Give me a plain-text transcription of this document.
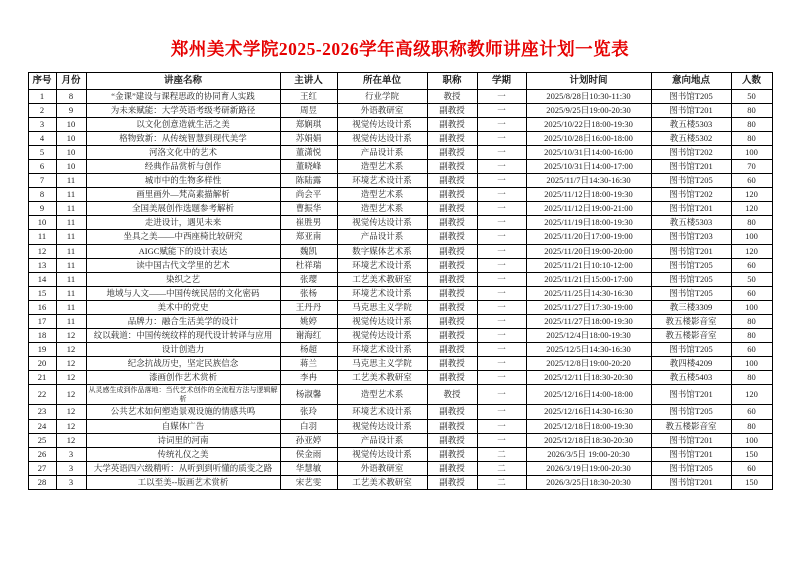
郑州美术学院2025-2026学年高级职称教师讲座计划一览表
序号	月份	讲座名称	主讲人	所在单位	职称	学期	计划时间	意向地点	人数
1	8	“金课”建设与课程思政的协同育人实践	王红	行业学院	教授	一	2025/8/28日10:30-11:30	图书馆T205	50
2	9	为未来赋能：大学英语考级考研新路径	周昱	外语教研室	副教授	一	2025/9/25日19:00-20:30	图书馆T201	80
3	10	以文化创意造就生活之美	郑娴琪	视觉传达设计系	副教授	一	2025/10/22日18:00-19:30	教五楼5303	80
4	10	格物致新：从传统智慧到现代美学	苏娟娟	视觉传达设计系	副教授	一	2025/10/28日16:00-18:00	教五楼5302	80
5	10	河洛文化中的艺术	董潇悦	产品设计系	副教授	一	2025/10/31日14:00-16:00	图书馆T202	100
6	10	经典作品赏析与创作	董晓峰	造型艺术系	副教授	一	2025/10/31日14:00-17:00	图书馆T201	70
7	11	城市中的生物多样性	陈陆露	环境艺术设计系	副教授	一	2025/11/7日14:30-16:30	图书馆T205	60
8	11	画里画外—梵高素描解析	尚会平	造型艺术系	副教授	一	2025/11/12日18:00-19:30	图书馆T202	120
9	11	全国美展创作选题参考解析	曹振华	造型艺术系	副教授	一	2025/11/12日19:00-21:00	图书馆T201	120
10	11	走进设计，遇见未来	崔胜男	视觉传达设计系	副教授	一	2025/11/19日18:00-19:30	教五楼5303	80
11	11	坐具之美——中西座椅比较研究	郑亚南	产品设计系	副教授	一	2025/11/20日17:00-19:00	图书馆T203	100
12	11	AIGC赋能下的设计表达	魏凯	数字媒体艺术系	副教授	一	2025/11/20日19:00-20:00	图书馆T201	120
13	11	读中国古代文学里的艺术	杜祥瑞	环境艺术设计系	副教授	一	2025/11/21日10:10-12:00	图书馆T205	60
14	11	染织之艺	张璎	工艺美术教研室	副教授	一	2025/11/21日15:00-17:00	图书馆T205	50
15	11	地域与人文——中国传统民居的文化密码	张杨	环境艺术设计系	副教授	一	2025/11/25日14:30-16:30	图书馆T205	60
16	11	美术中的党史	王丹丹	马克思主义学院	副教授	一	2025/11/27日17:30-19:00	教三楼3309	100
17	11	品牌力：融合生活美学的设计	姚婷	视觉传达设计系	副教授	一	2025/11/27日18:00-19:30	教五楼影音室	80
18	12	纹以载道：中国传统纹样的现代设计转译与应用	谢海红	视觉传达设计系	副教授	一	2025/12/4日18:00-19:30	教五楼影音室	80
19	12	设计创造力	杨超	环境艺术设计系	副教授	一	2025/12/5日14:30-16:30	图书馆T205	60
20	12	纪念抗战历史，坚定民族信念	蒋兰	马克思主义学院	副教授	一	2025/12/8日19:00-20:20	教四楼4209	100
21	12	漆画创作艺术赏析	李冉	工艺美术教研室	副教授	一	2025/12/11日18:30-20:30	教五楼5403	80
22	12	从灵感生成到作品落地：当代艺术创作的全流程方法与逻辑解析	杨淑馨	造型艺术系	教授	一	2025/12/16日14:00-18:00	图书馆T201	120
23	12	公共艺术如何塑造景观设施的情感共鸣	张玲	环境艺术设计系	副教授	一	2025/12/16日14:30-16:30	图书馆T205	60
24	12	自媒体广告	白羽	视觉传达设计系	副教授	一	2025/12/18日18:00-19:30	教五楼影音室	80
25	12	诗词里的河南	孙亚婷	产品设计系	副教授	一	2025/12/18日18:30-20:30	图书馆T201	100
26	3	传统礼仪之美	侯金雨	视觉传达设计系	副教授	二	2026/3/5日 19:00-20:30	图书馆T201	150
27	3	大学英语四六级精听：从听到到听懂的质变之路	华慧敏	外语教研室	副教授	二	2026/3/19日19:00-20:30	图书馆T205	60
28	3	工以至美--版画艺术赏析	宋艺雯	工艺美术教研室	副教授	二	2026/3/25日18:30-20:30	图书馆T201	150
